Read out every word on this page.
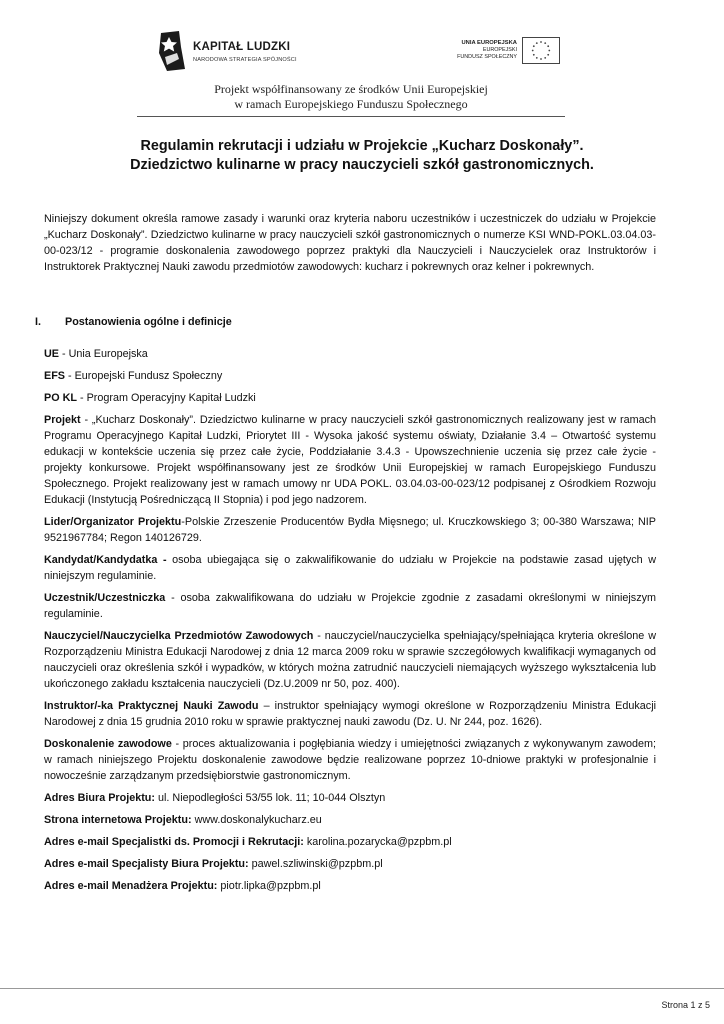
KAPITAŁ LUDZKI
NARODOWA STRATEGIA SPÓJNOŚCI
UNIA EUROPEJSKA
EUROPEJSKI
FUNDUSZ SPOŁECZNY
Projekt współfinansowany ze środków Unii Europejskiej
w ramach Europejskiego Funduszu Społecznego
Regulamin rekrutacji i udziału w Projekcie „Kucharz Doskonały”.
Dziedzictwo kulinarne w pracy nauczycieli szkół gastronomicznych.

Niniejszy dokument określa ramowe zasady i warunki oraz kryteria naboru uczestników i uczestniczek do udziału w Projekcie „Kucharz Doskonały”. Dziedzictwo kulinarne w pracy nauczycieli szkół gastronomicznych o numerze KSI WND-POKL.03.04.03-00-023/12 - programie doskonalenia zawodowego poprzez praktyki dla Nauczycieli i Nauczycielek oraz Instruktorów i Instruktorek Praktycznej Nauki zawodu przedmiotów zawodowych: kucharz i pokrewnych oraz kelner i pokrewnych.

I. Postanowienia ogólne i definicje

UE - Unia Europejska

EFS - Europejski Fundusz Społeczny

PO KL - Program Operacyjny Kapitał Ludzki

Projekt - „Kucharz Doskonały”. Dziedzictwo kulinarne w pracy nauczycieli szkół gastronomicznych realizowany jest w ramach Programu Operacyjnego Kapitał Ludzki, Priorytet III - Wysoka jakość systemu oświaty, Działanie 3.4 – Otwartość systemu edukacji w kontekście uczenia się przez całe życie, Poddziałanie 3.4.3 - Upowszechnienie uczenia się przez całe życie - projekty konkursowe. Projekt współfinansowany jest ze środków Unii Europejskiej w ramach Europejskiego Funduszu Społecznego. Projekt realizowany jest w ramach umowy nr UDA POKL. 03.04.03-00-023/12 podpisanej z Ośrodkiem Rozwoju Edukacji (Instytucją Pośredniczącą II Stopnia) i pod jego nadzorem.

Lider/Organizator Projektu-Polskie Zrzeszenie Producentów Bydła Mięsnego; ul. Kruczkowskiego 3; 00-380 Warszawa; NIP 9521967784; Regon 140126729.

Kandydat/Kandydatka - osoba ubiegająca się o zakwalifikowanie do udziału w Projekcie na podstawie zasad ujętych w niniejszym regulaminie.

Uczestnik/Uczestniczka - osoba zakwalifikowana do udziału w Projekcie zgodnie z zasadami określonymi w niniejszym regulaminie.

Nauczyciel/Nauczycielka Przedmiotów Zawodowych - nauczyciel/nauczycielka spełniający/spełniająca kryteria określone w Rozporządzeniu Ministra Edukacji Narodowej z dnia 12 marca 2009 roku w sprawie szczegółowych kwalifikacji wymaganych od nauczycieli oraz określenia szkół i wypadków, w których można zatrudnić nauczycieli niemających wyższego wykształcenia lub ukończonego zakładu kształcenia nauczycieli (Dz.U.2009 nr 50, poz. 400).

Instruktor/-ka Praktycznej Nauki Zawodu – instruktor spełniający wymogi określone w Rozporządzeniu Ministra Edukacji Narodowej z dnia 15 grudnia 2010 roku w sprawie praktycznej nauki zawodu (Dz. U. Nr 244, poz. 1626).

Doskonalenie zawodowe - proces aktualizowania i pogłębiania wiedzy i umiejętności związanych z wykonywanym zawodem; w ramach niniejszego Projektu doskonalenie zawodowe będzie realizowane poprzez 10-dniowe praktyki w profesjonalnie i nowocześnie zarządzanym przedsiębiorstwie gastronomicznym.

Adres Biura Projektu: ul. Niepodległości 53/55 lok. 11; 10-044 Olsztyn

Strona internetowa Projektu: www.doskonalykucharz.eu

Adres e-mail Specjalistki ds. Promocji i Rekrutacji: karolina.pozarycka@pzpbm.pl

Adres e-mail Specjalisty Biura Projektu: pawel.szliwinski@pzpbm.pl

Adres e-mail Menadżera Projektu: piotr.lipka@pzpbm.pl

Strona 1 z 5
